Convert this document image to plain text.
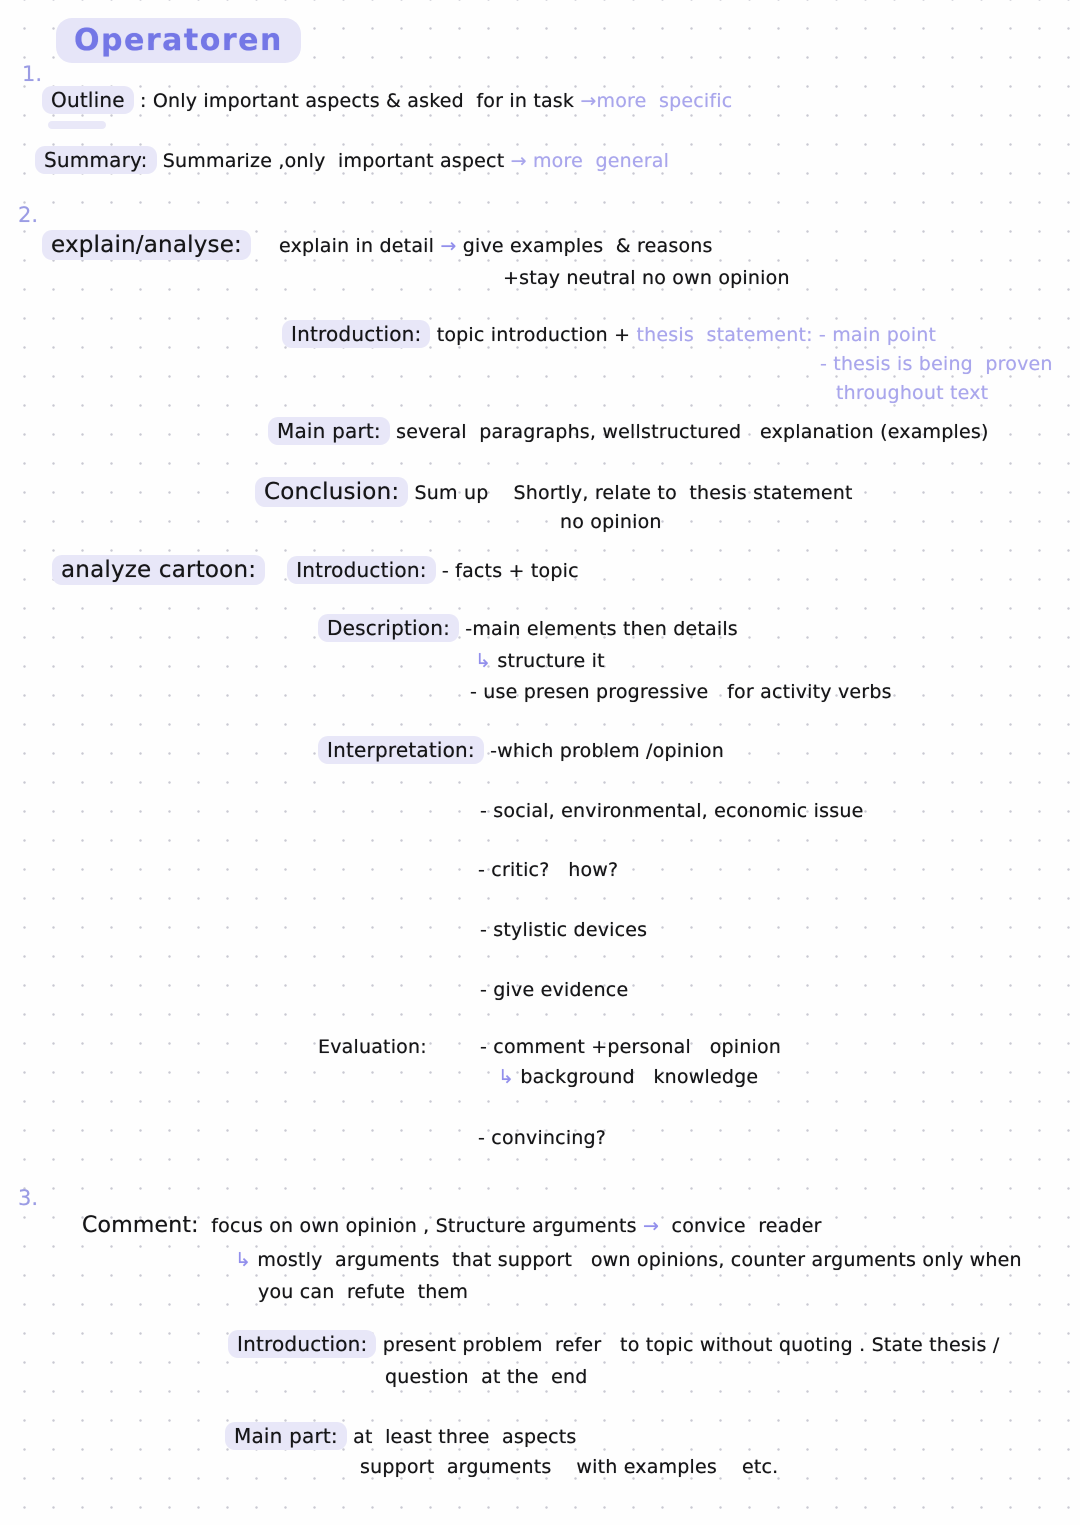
Operatoren
1.
Outline : Only important aspects & asked  for in task →more  specific
Summary: Summarize ,only  important aspect → more  general
2.
explain/analyse: explain in detail → give examples  & reasons
+stay neutral no own opinion
Introduction: topic introduction + thesis  statement: - main point
- thesis is being  proven
throughout text
Main part: several  paragraphs, wellstructured   explanation (examples)
Conclusion: Sum up    Shortly, relate to  thesis statement
no opinion
analyze cartoon: Introduction: - facts + topic
Description: -main elements then details
↳ structure it
- use presen progressive   for activity verbs
Interpretation: -which problem /opinion
- social, environmental, economic issue
- critic?   how?
- stylistic devices
- give evidence
Evaluation:	- comment +personal   opinion
↳ background   knowledge
- convincing?
3.
Comment:  focus on own opinion , Structure arguments →  convice  reader
↳ mostly  arguments  that support   own opinions, counter arguments only when
you can  refute  them
Introduction: present problem  refer   to topic without quoting . State thesis /
question  at the  end
Main part: at  least three  aspects
support  arguments    with examples    etc.
